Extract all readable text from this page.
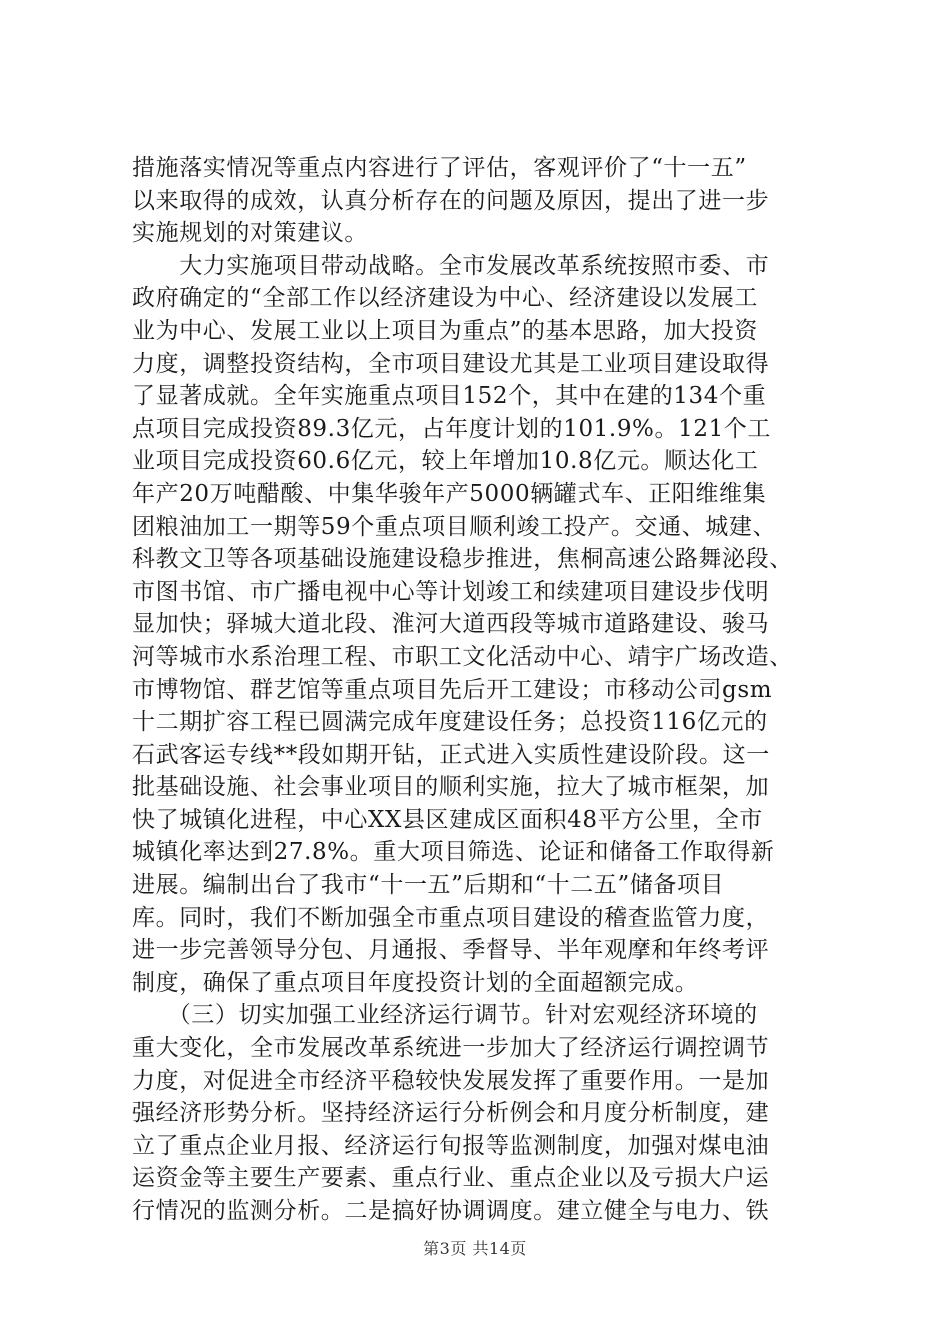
措施落实情况等重点内容进行了评估，客观评价了“十一五”

以来取得的成效，认真分析存在的问题及原因，提出了进一步

实施规划的对策建议。

　　大力实施项目带动战略。全市发展改革系统按照市委、市

政府确定的“全部工作以经济建设为中心、经济建设以发展工

业为中心、发展工业以上项目为重点”的基本思路，加大投资

力度，调整投资结构，全市项目建设尤其是工业项目建设取得

了显著成就。全年实施重点项目152个，其中在建的134个重

点项目完成投资89.3亿元，占年度计划的101.9%。121个工

业项目完成投资60.6亿元，较上年增加10.8亿元。顺达化工

年产20万吨醋酸、中集华骏年产5000辆罐式车、正阳维维集

团粮油加工一期等59个重点项目顺利竣工投产。交通、城建、

科教文卫等各项基础设施建设稳步推进，焦桐高速公路舞泌段、

市图书馆、市广播电视中心等计划竣工和续建项目建设步伐明

显加快；驿城大道北段、淮河大道西段等城市道路建设、骏马

河等城市水系治理工程、市职工文化活动中心、靖宇广场改造、

市博物馆、群艺馆等重点项目先后开工建设；市移动公司gsm

十二期扩容工程已圆满完成年度建设任务；总投资116亿元的

石武客运专线**段如期开钻，正式进入实质性建设阶段。这一

批基础设施、社会事业项目的顺利实施，拉大了城市框架，加

快了城镇化进程，中心XX县区建成区面积48平方公里，全市

城镇化率达到27.8%。重大项目筛选、论证和储备工作取得新

进展。编制出台了我市“十一五”后期和“十二五”储备项目

库。同时，我们不断加强全市重点项目建设的稽查监管力度，

进一步完善领导分包、月通报、季督导、半年观摩和年终考评

制度，确保了重点项目年度投资计划的全面超额完成。

　　（三）切实加强工业经济运行调节。针对宏观经济环境的

重大变化，全市发展改革系统进一步加大了经济运行调控调节

力度，对促进全市经济平稳较快发展发挥了重要作用。一是加

强经济形势分析。坚持经济运行分析例会和月度分析制度，建

立了重点企业月报、经济运行旬报等监测制度，加强对煤电油

运资金等主要生产要素、重点行业、重点企业以及亏损大户运

行情况的监测分析。二是搞好协调调度。建立健全与电力、铁

第3页 共14页
